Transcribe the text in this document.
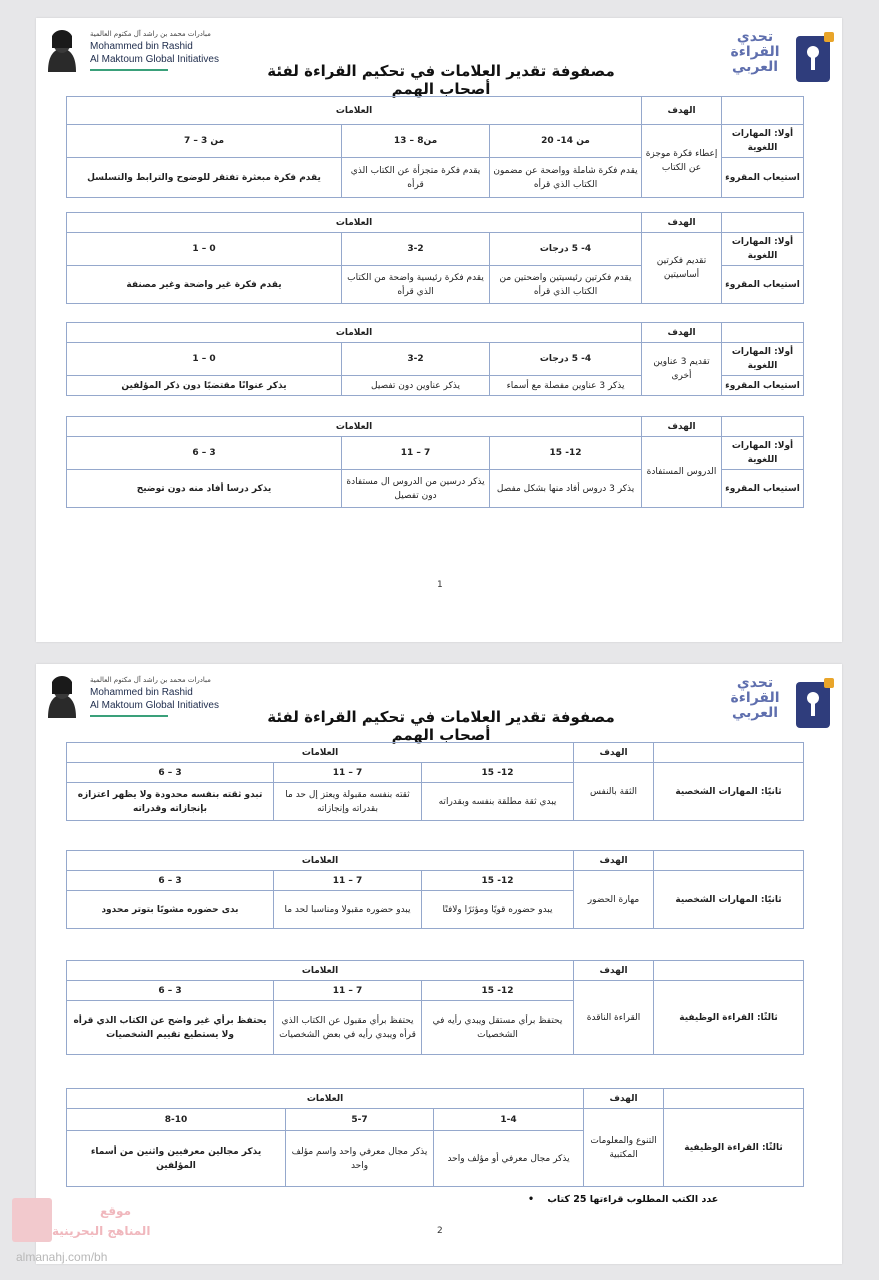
مبادرات محمد بن راشد آل مكتوم العالمية
Mohammed bin Rashid
Al Maktoum Global Initiatives
مصفوفة تقدير العلامات في تحكيم القراءة لفئة أصحاب الهمم
تحدي القراءة العربي
	الهدف	العلامات		
أولا: المهارات اللغوية	إعطاء فكرة موجزة عن الكتاب	من 14- 20	من8 – 13	من 3 – 7
استيعاب المقروء		يقدم فكرة شاملة وواضحة عن مضمون الكتاب الذي قرأه	يقدم فكرة متجزأة عن الكتاب الذي قرأه	يقدم فكرة مبعثرة تفتقر للوضوح والترابط والتسلسل
	الهدف	العلامات		
أولا: المهارات اللغوية	تقديم فكرتين أساسيتين	4- 5 درجات	3-2	0 – 1
استيعاب المقروء		يقدم فكرتين رئيسيتين واضحتين من الكتاب الذي قرأه	يقدم فكرة رئيسية واضحة من الكتاب الذي قرأه	يقدم فكرة غير واضحة وغير مصنفة
	الهدف	العلامات		
أولا: المهارات اللغوية	تقديم 3 عناوين أخرى	4- 5 درجات	3-2	0 – 1
استيعاب المقروء		يذكر 3 عناوين مفصلة مع أسماء	يذكر عناوين دون تفصيل	يذكر عنوانًا مقتضبًا دون ذكر المؤلفين
	الهدف	العلامات		
أولا: المهارات اللغوية	الدروس المستفادة	12- 15	7 – 11	3 – 6
استيعاب المقروء		يذكر 3 دروس أفاد منها بشكل مفصل	يذكر درسين من الدروس ال مستفادة دون تفصيل	يذكر درسا أفاد منه دون توضيح
1
مبادرات محمد بن راشد آل مكتوم العالمية
Mohammed bin Rashid
Al Maktoum Global Initiatives
مصفوفة تقدير العلامات في تحكيم القراءة لفئة أصحاب الهمم
تحدي القراءة العربي
	الهدف	العلامات		
ثانيًا: المهارات الشخصية	الثقة بالنفس	12- 15	7 – 11	3 – 6
		يبدي ثقة مطلقة بنفسه وبقدراته	ثقته بنفسه مقبولة ويعتز إل حد ما بقدراته وإنجازاته	تبدو ثقته بنفسه محدودة ولا يظهر اعتزازه بإنجازاته وقدراته
	الهدف	العلامات		
ثانيًا: المهارات الشخصية	مهارة الحضور	12- 15	7 – 11	3 – 6
		يبدو حضوره قويًا ومؤثرًا ولافتًا	يبدو حضوره مقبولا ومناسبا لحد ما	بدى حضوره مشوبًا بتوتر محدود
	الهدف	العلامات		
ثالثًا: القراءة الوظيفية	القراءة الناقدة	12- 15	7 – 11	3 – 6
		يحتفظ برأي مستقل ويبدي رأيه في الشخصيات	يحتفظ برأي مقبول عن الكتاب الذي قرأه ويبدي رأيه في بعض الشخصيات	يحتفظ برأي غير واضح عن الكتاب الذي قرأه ولا يستطيع تقييم الشخصيات
	الهدف	العلامات		
ثالثًا: القراءة الوظيفية	التنوع والمعلومات المكتبية	1-4	5-7	8-10
		يذكر مجال معرفي أو مؤلف واحد	يذكر مجال معرفي واحد واسم مؤلف واحد	يذكر مجالين معرفيين واثنين من أسماء المؤلفين
2
عدد الكتب المطلوب قراءتها 25 كتاب •
موقع
المناهج البحرينية
almanahj.com/bh
